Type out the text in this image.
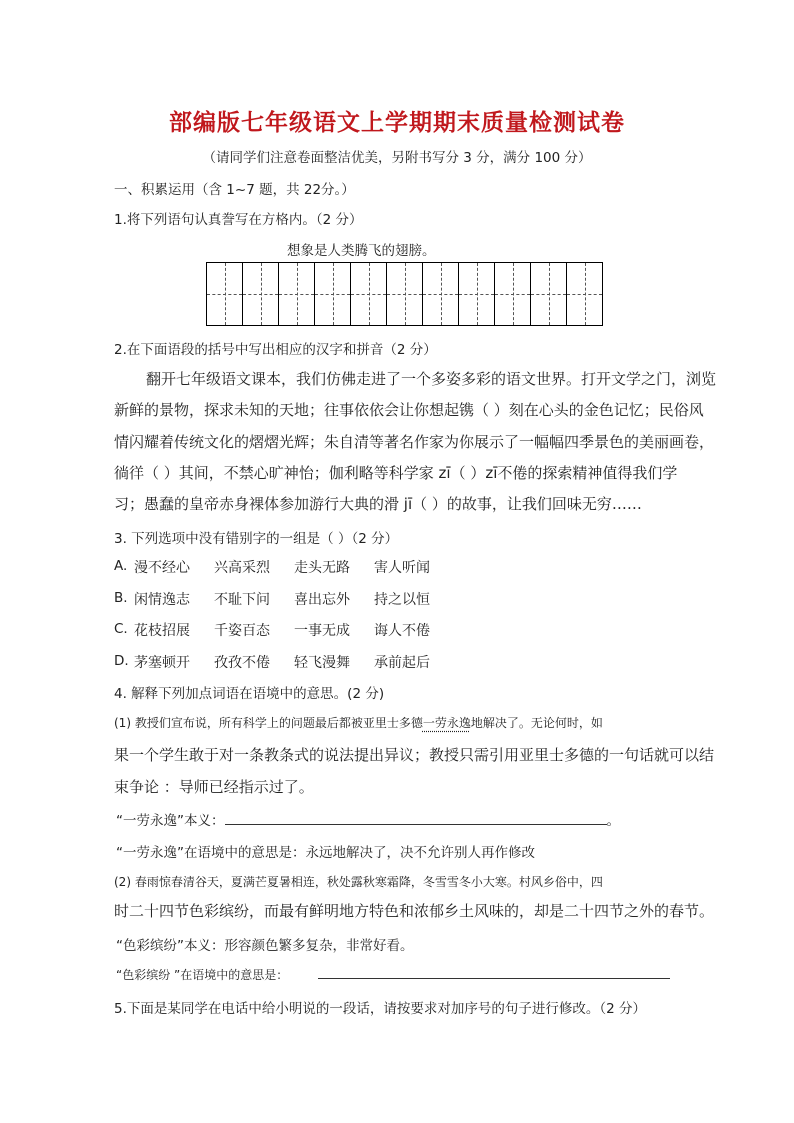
部编版七年级语文上学期期末质量检测试卷
（请同学们注意卷面整洁优美，另附书写分 3 分，满分 100 分）
一、积累运用（含 1~7 题，共 22分。）
1.将下列语句认真誊写在方格内。（2 分）
想象是人类腾飞的翅膀。
2.在下面语段的括号中写出相应的汉字和拼音（2 分）
翻开七年级语文课本，我们仿佛走进了一个多姿多彩的语文世界。打开文学之门，浏览
新鲜的景物，探求未知的天地；往事依依会让你想起镌（ ）刻在心头的金色记忆；民俗风
情闪耀着传统文化的熠熠光辉；朱自清等著名作家为你展示了一幅幅四季景色的美丽画卷，
徜徉（ ）其间，不禁心旷神怡；伽利略等科学家 zī（ ）zī不倦的探索精神值得我们学
习；愚蠢的皇帝赤身裸体参加游行大典的滑 jī（ ）的故事，让我们回味无穷……
3. 下列选项中没有错别字的一组是（ ）（2 分）
A. 漫不经心 兴高采烈 走头无路 害人听闻
B. 闲情逸志 不耻下问 喜出忘外 持之以恒
C. 花枝招展 千姿百态 一事无成 诲人不倦
D. 茅塞顿开 孜孜不倦 轻飞漫舞 承前起后
4. 解释下列加点词语在语境中的意思。(2 分)
(1) 教授们宣布说，所有科学上的问题最后都被亚里士多德一劳永逸地解决了。无论何时，如
果一个学生敢于对一条教条式的说法提出异议；教授只需引用亚里士多德的一句话就可以结
束争论 ：导师已经指示过了。
“一劳永逸”本义：	。
“一劳永逸”在语境中的意思是：永远地解决了，决不允许别人再作修改
(2) 春雨惊春清谷天，夏满芒夏暑相连，秋处露秋寒霜降，冬雪雪冬小大寒。村风乡俗中，四
时二十四节色彩缤纷，而最有鲜明地方特色和浓郁乡土风味的，却是二十四节之外的春节。
“色彩缤纷”本义：形容颜色繁多复杂，非常好看。
“色彩缤纷 ”在语境中的意思是：
5.下面是某同学在电话中给小明说的一段话，请按要求对加序号的句子进行修改。（2 分）
